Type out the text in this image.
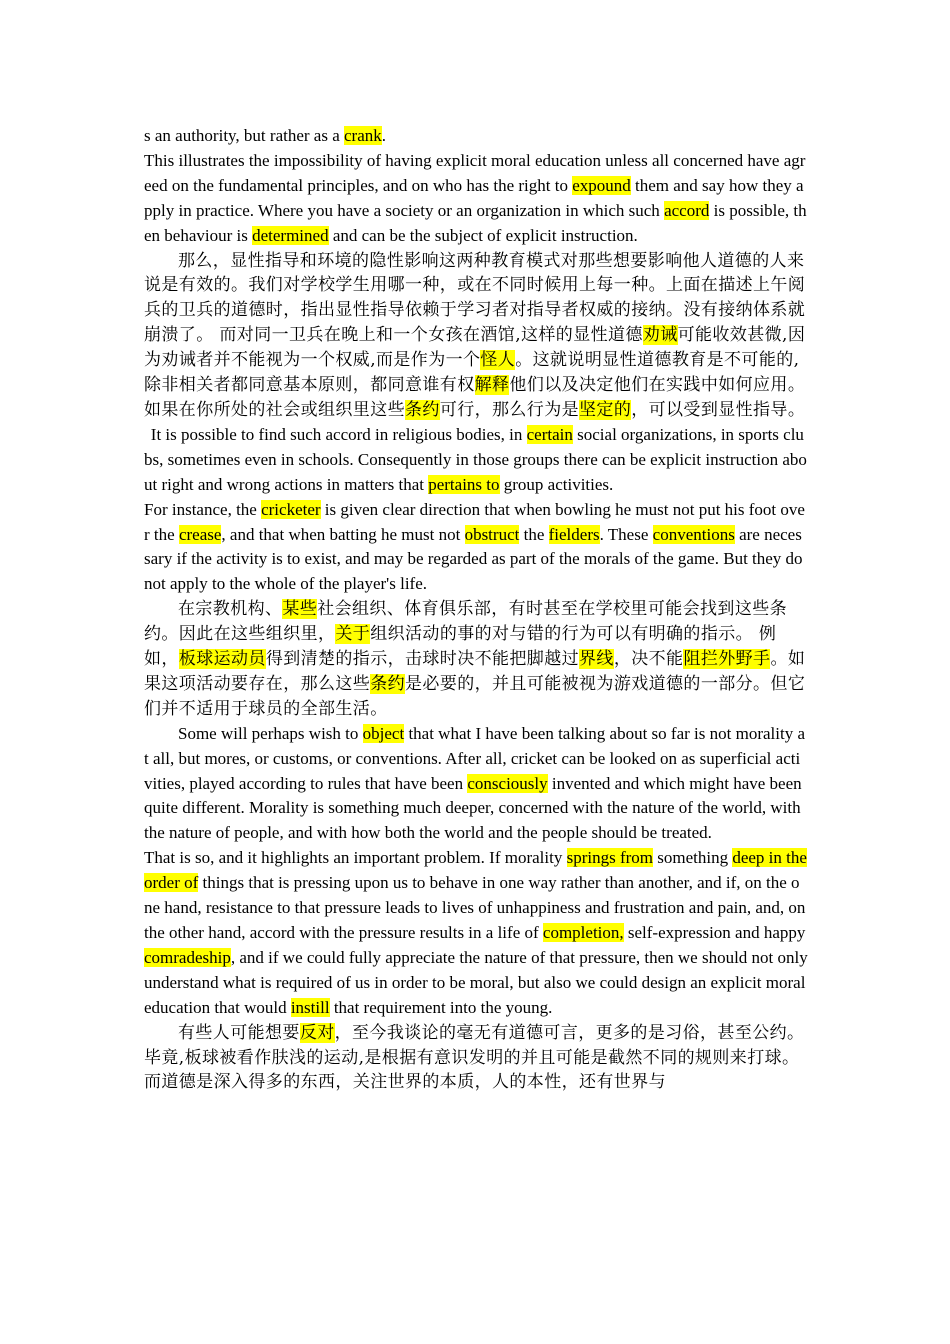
s an authority, but rather as a crank.

This illustrates the impossibility of having explicit moral education unless all concerned have agreed on the fundamental principles, and on who has the right to expound them and say how they apply in practice. Where you have a society or an organization in which such accord is possible, then behaviour is determined and can be the subject of explicit instruction.

那么，显性指导和环境的隐性影响这两种教育模式对那些想要影响他人道德的人来说是有效的。我们对学校学生用哪一种，或在不同时候用上每一种。上面在描述上午阅兵的卫兵的道德时，指出显性指导依赖于学习者对指导者权威的接纳。没有接纳体系就崩溃了。 而对同一卫兵在晚上和一个女孩在酒馆,这样的显性道德劝诫可能收效甚微,因为劝诫者并不能视为一个权威,而是作为一个怪人。这就说明显性道德教育是不可能的,除非相关者都同意基本原则，都同意谁有权解释他们以及决定他们在实践中如何应用。如果在你所处的社会或组织里这些条约可行，那么行为是坚定的，可以受到显性指导。

It is possible to find such accord in religious bodies, in certain social organizations, in sports clubs, sometimes even in schools. Consequently in those groups there can be explicit instruction about right and wrong actions in matters that pertains to group activities.

For instance, the cricketer is given clear direction that when bowling he must not put his foot over the crease, and that when batting he must not obstruct the fielders. These conventions are necessary if the activity is to exist, and may be regarded as part of the morals of the game. But they do not apply to the whole of the player's life.

在宗教机构、某些社会组织、体育俱乐部，有时甚至在学校里可能会找到这些条约。因此在这些组织里，关于组织活动的事的对与错的行为可以有明确的指示。 例如，板球运动员得到清楚的指示，击球时决不能把脚越过界线，决不能阻拦外野手。如果这项活动要存在，那么这些条约是必要的，并且可能被视为游戏道德的一部分。但它们并不适用于球员的全部生活。

Some will perhaps wish to object that what I have been talking about so far is not morality at all, but mores, or customs, or conventions. After all, cricket can be looked on as superficial activities, played according to rules that have been consciously invented and which might have been quite different. Morality is something much deeper, concerned with the nature of the world, with the nature of people, and with how both the world and the people should be treated.

That is so, and it highlights an important problem. If morality springs from something deep in the order of things that is pressing upon us to behave in one way rather than another, and if, on the one hand, resistance to that pressure leads to lives of unhappiness and frustration and pain, and, on the other hand, accord with the pressure results in a life of completion, self-expression and happy comradeship, and if we could fully appreciate the nature of that pressure, then we should not only understand what is required of us in order to be moral, but also we could design an explicit moral education that would instill that requirement into the young.

有些人可能想要反对，至今我谈论的毫无有道德可言，更多的是习俗，甚至公约。毕竟,板球被看作肤浅的运动,是根据有意识发明的并且可能是截然不同的规则来打球。而道德是深入得多的东西，关注世界的本质，人的本性，还有世界与
